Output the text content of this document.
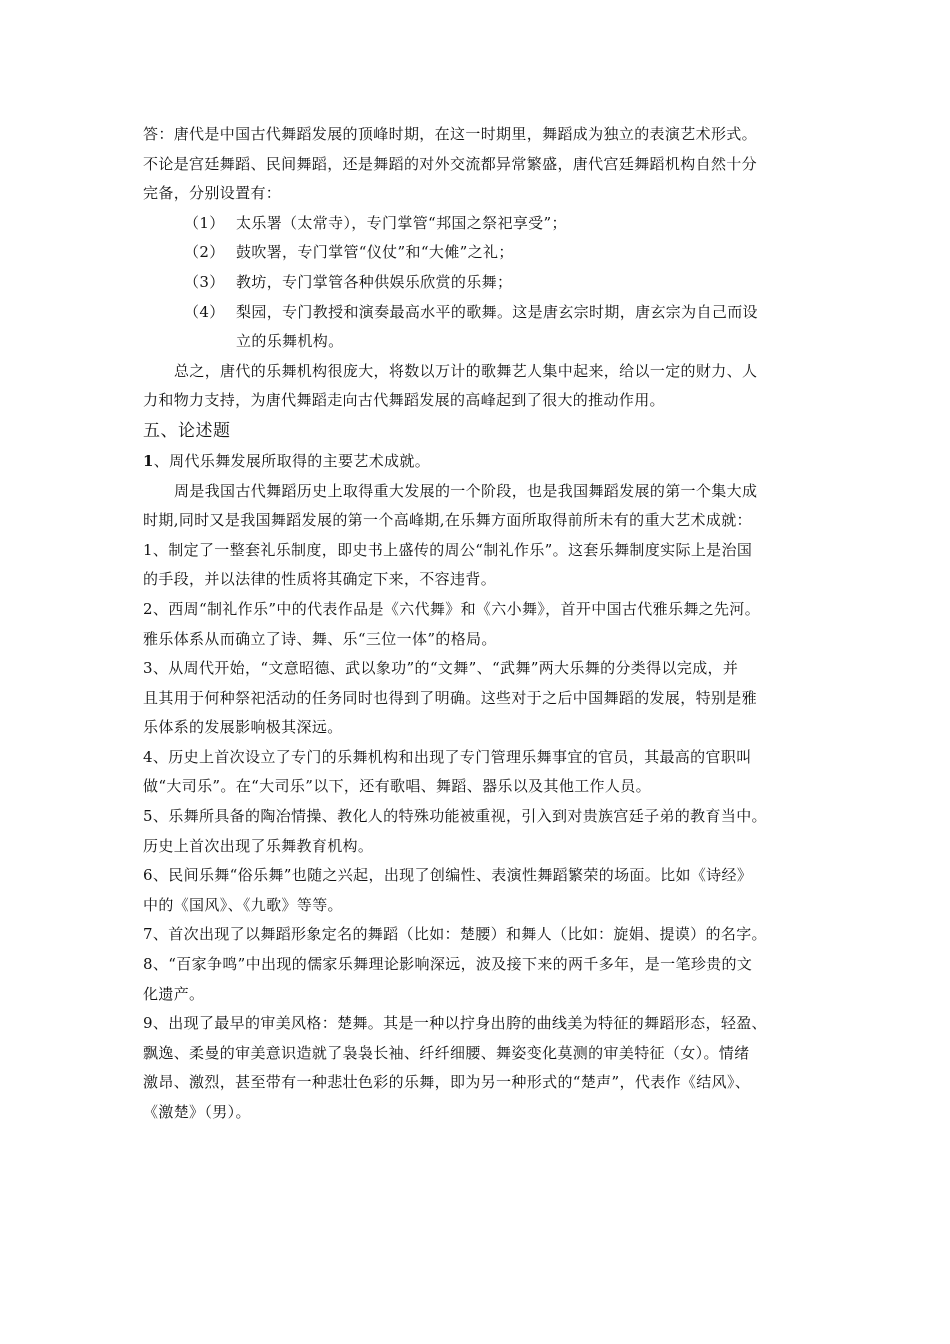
答：唐代是中国古代舞蹈发展的顶峰时期，在这一时期里，舞蹈成为独立的表演艺术形式。
不论是宫廷舞蹈、民间舞蹈，还是舞蹈的对外交流都异常繁盛，唐代宫廷舞蹈机构自然十分
完备，分别设置有：
（1） 太乐署（太常寺），专门掌管“邦国之祭祀享受”；
（2） 鼓吹署，专门掌管“仪仗”和“大傩”之礼；
（3） 教坊，专门掌管各种供娱乐欣赏的乐舞；
（4） 梨园，专门教授和演奏最高水平的歌舞。这是唐玄宗时期，唐玄宗为自己而设
立的乐舞机构。
总之，唐代的乐舞机构很庞大，将数以万计的歌舞艺人集中起来，给以一定的财力、人
力和物力支持，为唐代舞蹈走向古代舞蹈发展的高峰起到了很大的推动作用。
五、论述题
1、周代乐舞发展所取得的主要艺术成就。
周是我国古代舞蹈历史上取得重大发展的一个阶段，也是我国舞蹈发展的第一个集大成
时期,同时又是我国舞蹈发展的第一个高峰期,在乐舞方面所取得前所未有的重大艺术成就：
1、制定了一整套礼乐制度，即史书上盛传的周公“制礼作乐”。这套乐舞制度实际上是治国
的手段，并以法律的性质将其确定下来，不容违背。
2、西周“制礼作乐”中的代表作品是《六代舞》和《六小舞》，首开中国古代雅乐舞之先河。
雅乐体系从而确立了诗、舞、乐“三位一体”的格局。
3、从周代开始，“文意昭德、武以象功”的“文舞”、“武舞”两大乐舞的分类得以完成，并
且其用于何种祭祀活动的任务同时也得到了明确。这些对于之后中国舞蹈的发展，特别是雅
乐体系的发展影响极其深远。
4、历史上首次设立了专门的乐舞机构和出现了专门管理乐舞事宜的官员，其最高的官职叫
做“大司乐”。在“大司乐”以下，还有歌唱、舞蹈、器乐以及其他工作人员。
5、乐舞所具备的陶冶情操、教化人的特殊功能被重视，引入到对贵族宫廷子弟的教育当中。
历史上首次出现了乐舞教育机构。
6、民间乐舞“俗乐舞”也随之兴起，出现了创编性、表演性舞蹈繁荣的场面。比如《诗经》
中的《国风》、《九歌》等等。
7、首次出现了以舞蹈形象定名的舞蹈（比如：楚腰）和舞人（比如：旋娟、提谟）的名字。
8、“百家争鸣”中出现的儒家乐舞理论影响深远，波及接下来的两千多年，是一笔珍贵的文
化遗产。
9、出现了最早的审美风格：楚舞。其是一种以拧身出胯的曲线美为特征的舞蹈形态，轻盈、
飘逸、柔曼的审美意识造就了袅袅长袖、纤纤细腰、舞姿变化莫测的审美特征（女）。情绪
激昂、激烈，甚至带有一种悲壮色彩的乐舞，即为另一种形式的“楚声”，代表作《结风》、
《激楚》（男）。
